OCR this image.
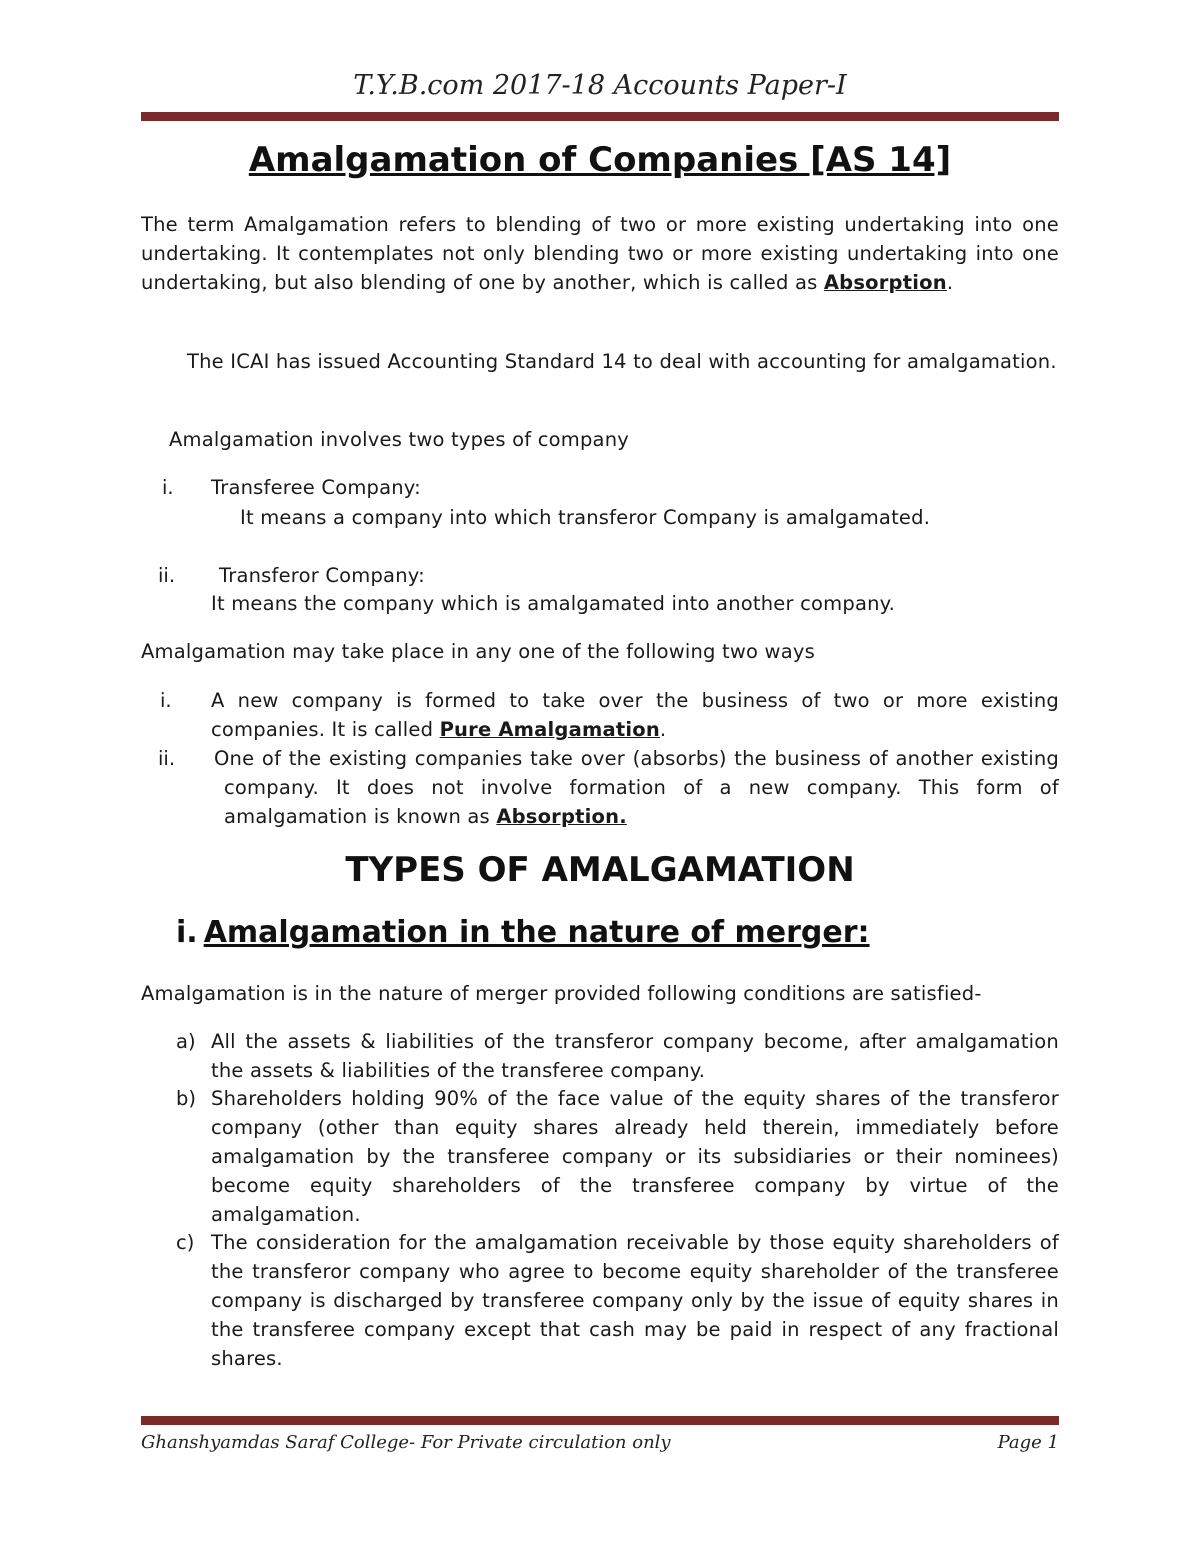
T.Y.B.com 2017-18 Accounts Paper-I
Amalgamation of Companies [AS 14]
The term Amalgamation refers to blending of two or more existing undertaking into one undertaking. It contemplates not only blending two or more existing undertaking into one undertaking, but also blending of one by another, which is called as Absorption.
The ICAI has issued Accounting Standard 14 to deal with accounting for amalgamation.
Amalgamation involves two types of company
i. Transferee Company:
It means a company into which transferor Company is amalgamated.
ii. Transferor Company:
It means the company which is amalgamated into another company.
Amalgamation may take place in any one of the following two ways
i. A new company is formed to take over the business of two or more existing companies. It is called Pure Amalgamation.
ii. One of the existing companies take over (absorbs) the business of another existing company. It does not involve formation of a new company. This form of amalgamation is known as Absorption.
TYPES OF AMALGAMATION
i. Amalgamation in the nature of merger:
Amalgamation is in the nature of merger provided following conditions are satisfied-
a) All the assets & liabilities of the transferor company become, after amalgamation the assets & liabilities of the transferee company.
b) Shareholders holding 90% of the face value of the equity shares of the transferor company (other than equity shares already held therein, immediately before amalgamation by the transferee company or its subsidiaries or their nominees) become equity shareholders of the transferee company by virtue of the amalgamation.
c) The consideration for the amalgamation receivable by those equity shareholders of the transferor company who agree to become equity shareholder of the transferee company is discharged by transferee company only by the issue of equity shares in the transferee company except that cash may be paid in respect of any fractional shares.
Ghanshyamdas Saraf College- For Private circulation only	Page 1
